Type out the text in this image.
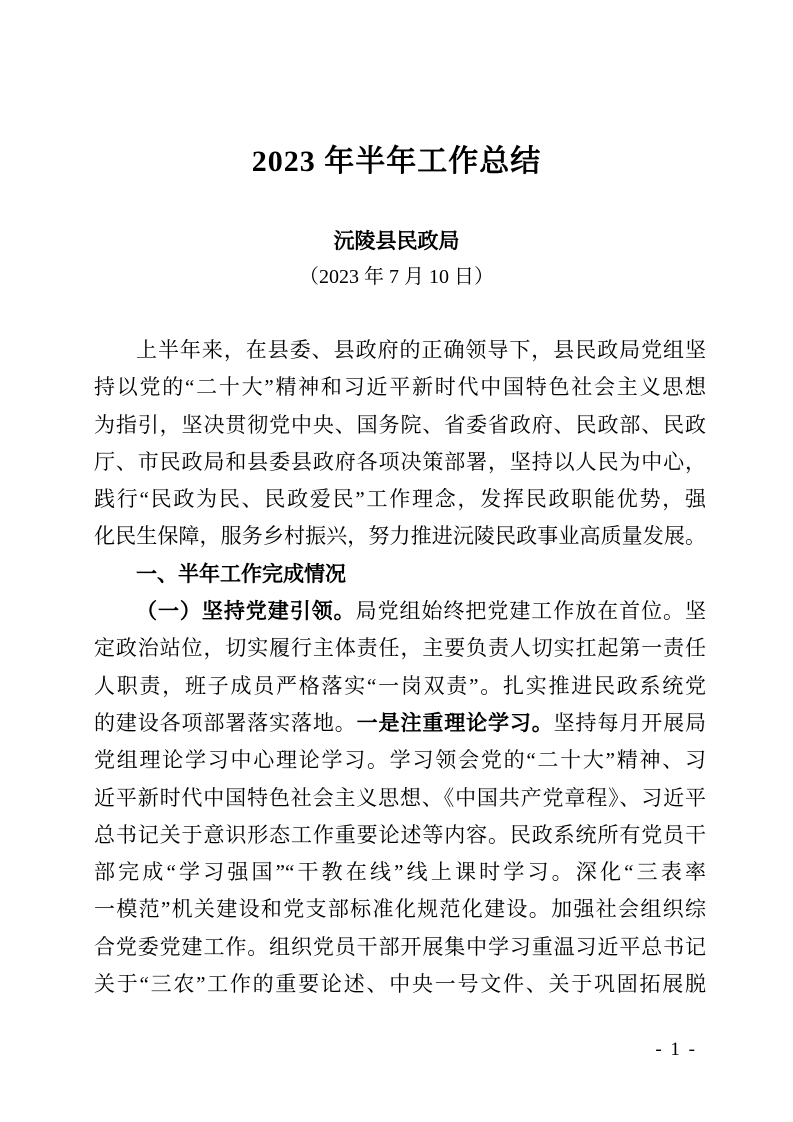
2023 年半年工作总结
沅陵县民政局
（2023 年 7 月 10 日）
上半年来，在县委、县政府的正确领导下，县民政局党组坚
持以党的“二十大”精神和习近平新时代中国特色社会主义思想
为指引，坚决贯彻党中央、国务院、省委省政府、民政部、民政
厅、市民政局和县委县政府各项决策部署，坚持以人民为中心，
践行“民政为民、民政爱民”工作理念，发挥民政职能优势，强
化民生保障，服务乡村振兴，努力推进沅陵民政事业高质量发展。
一、半年工作完成情况
（一）坚持党建引领。局党组始终把党建工作放在首位。坚
定政治站位，切实履行主体责任，主要负责人切实扛起第一责任
人职责，班子成员严格落实“一岗双责”。扎实推进民政系统党
的建设各项部署落实落地。一是注重理论学习。坚持每月开展局
党组理论学习中心理论学习。学习领会党的“二十大”精神、习
近平新时代中国特色社会主义思想、《中国共产党章程》、习近平
总书记关于意识形态工作重要论述等内容。民政系统所有党员干
部完成“学习强国”“干教在线”线上课时学习。深化“三表率
一模范”机关建设和党支部标准化规范化建设。加强社会组织综
合党委党建工作。组织党员干部开展集中学习重温习近平总书记
关于“三农”工作的重要论述、中央一号文件、关于巩固拓展脱
- 1 -
